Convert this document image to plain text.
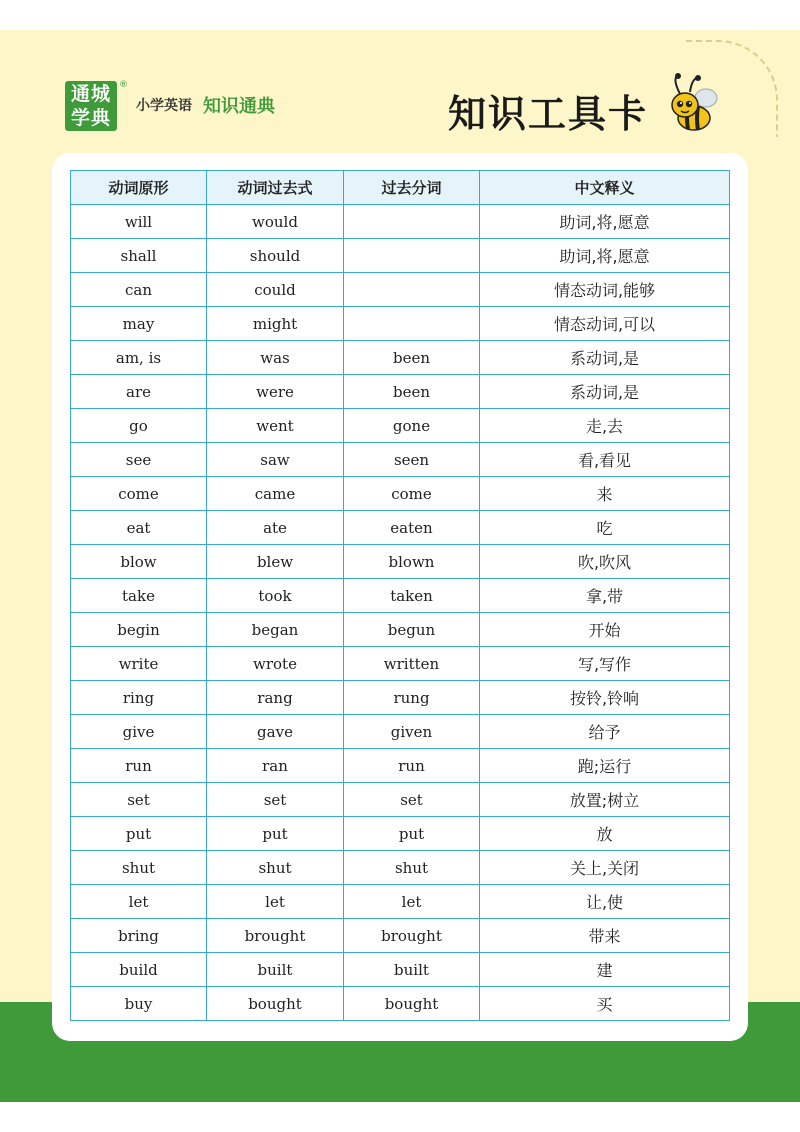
通城
学典
®
小学英语 知识通典	知识工具卡
动词原形	动词过去式	过去分词	中文释义
will	would		助词,将,愿意
shall	should		助词,将,愿意
can	could		情态动词,能够
may	might		情态动词,可以
am, is	was	been	系动词,是
are	were	been	系动词,是
go	went	gone	走,去
see	saw	seen	看,看见
come	came	come	来
eat	ate	eaten	吃
blow	blew	blown	吹,吹风
take	took	taken	拿,带
begin	began	begun	开始
write	wrote	written	写,写作
ring	rang	rung	按铃,铃响
give	gave	given	给予
run	ran	run	跑;运行
set	set	set	放置;树立
put	put	put	放
shut	shut	shut	关上,关闭
let	let	let	让,使
bring	brought	brought	带来
build	built	built	建
buy	bought	bought	买
